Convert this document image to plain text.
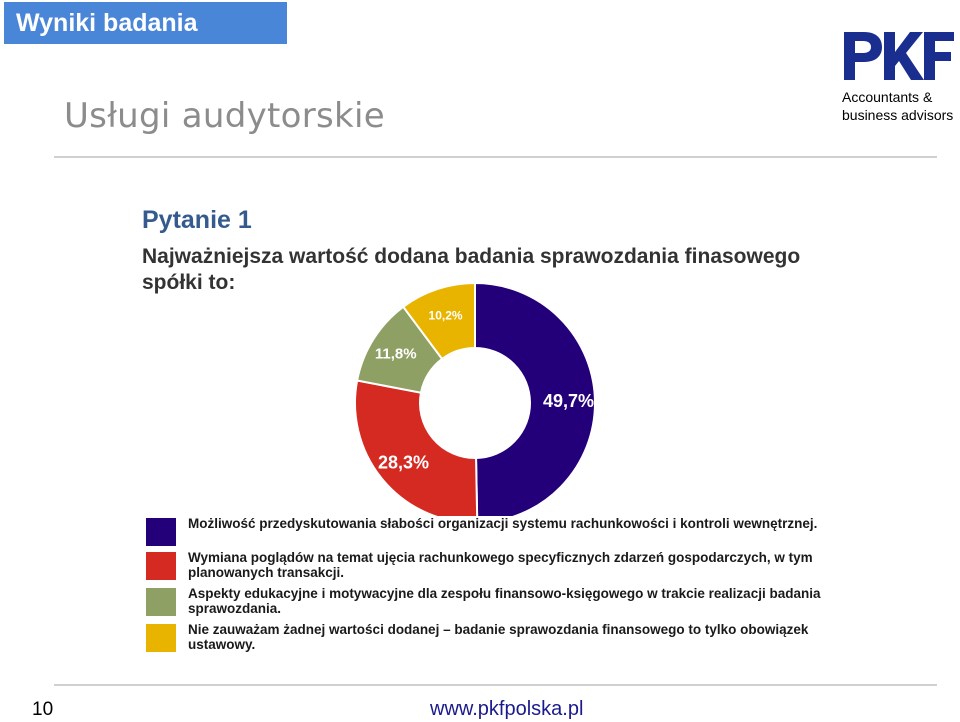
Wyniki badania
Usługi audytorskie	Accountants &
business advisors
Pytanie 1
Najważniejsza wartość dodana badania sprawozdania finasowego spółki to:
49,7%
28,3%
11,8%
10,2%
Możliwość przedyskutowania słabości organizacji systemu rachunkowości i kontroli wewnętrznej.
Wymiana poglądów na temat ujęcia rachunkowego specyficznych zdarzeń gospodarczych, w tym planowanych transakcji.
Aspekty edukacyjne i motywacyjne dla zespołu finansowo-księgowego w trakcie realizacji badania sprawozdania.
Nie zauważam żadnej wartości dodanej – badanie sprawozdania finansowego to tylko obowiązek ustawowy.
10	www.pkfpolska.pl
